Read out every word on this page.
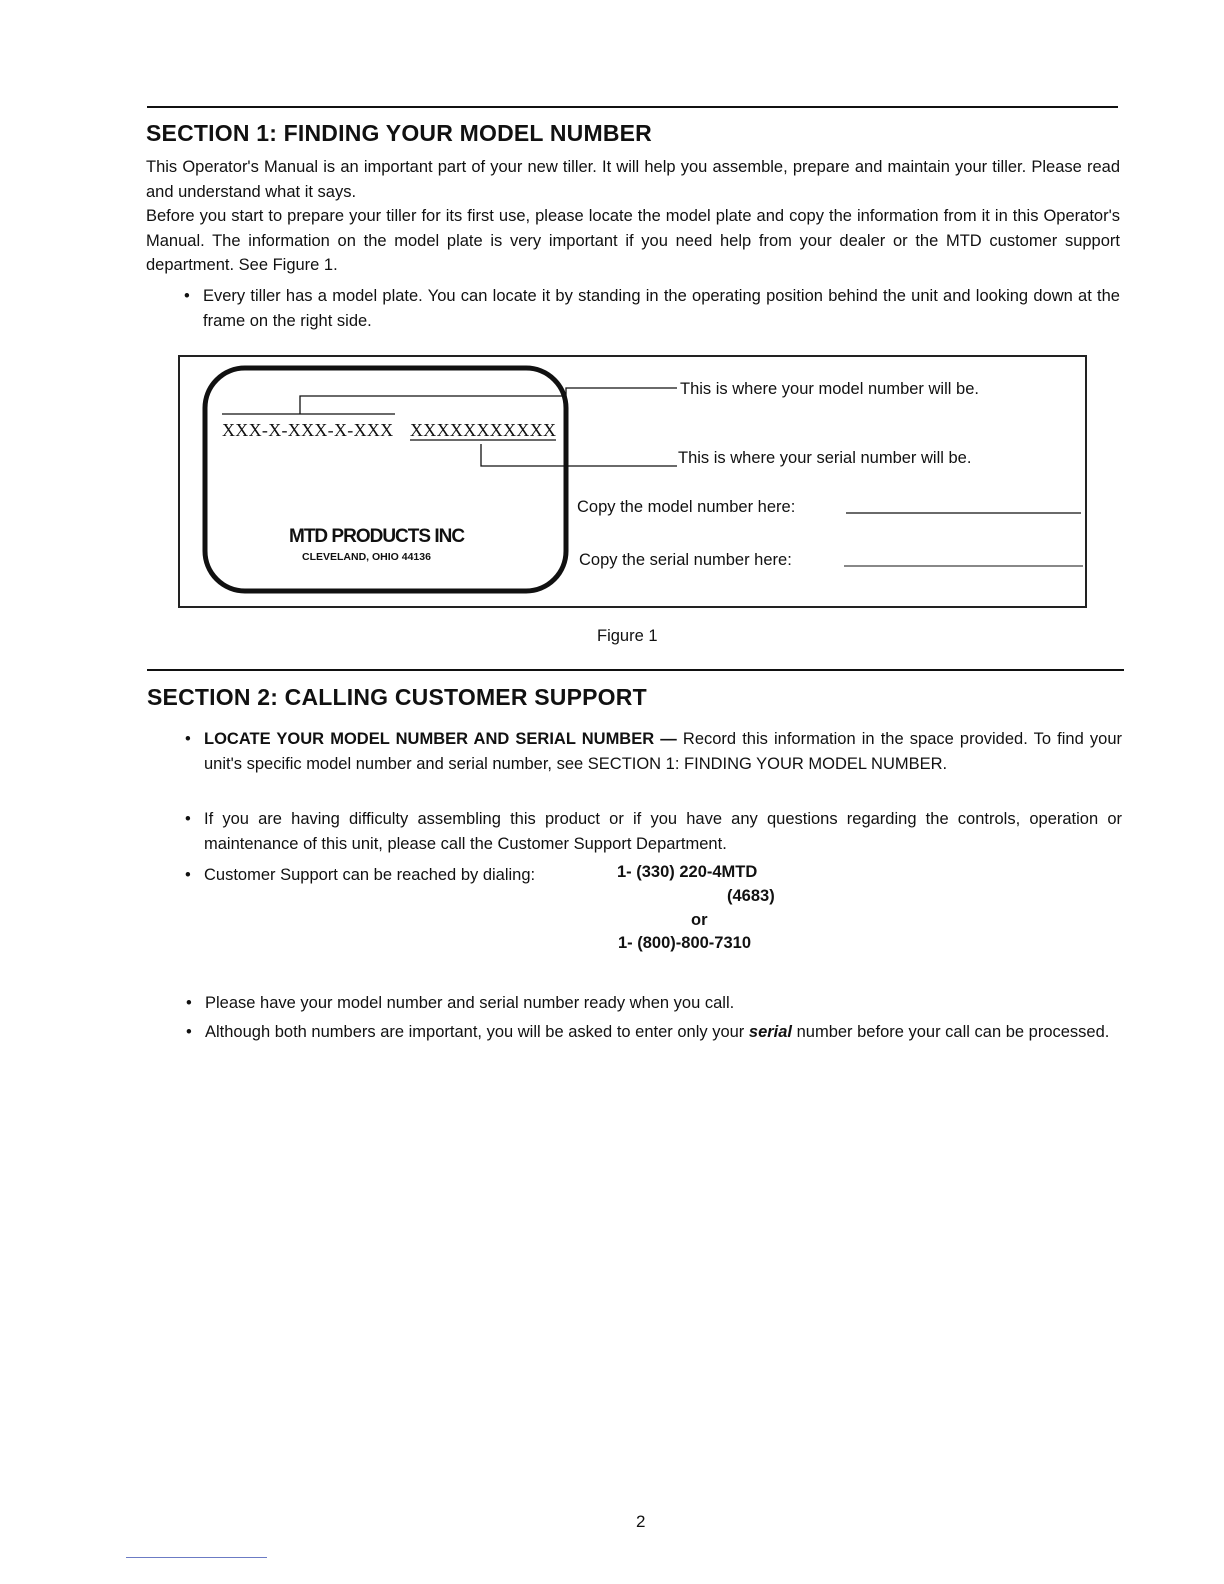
SECTION 1: FINDING YOUR MODEL NUMBER

This Operator's Manual is an important part of your new tiller. It will help you assemble, prepare and maintain your tiller. Please read and understand what it says.

Before you start to prepare your tiller for its first use, please locate the model plate and copy the information from it in this Operator's Manual. The information on the model plate is very important if you need help from your dealer or the MTD customer support department. See Figure 1.

• Every tiller has a model plate. You can locate it by standing in the operating position behind the unit and looking down at the frame on the right side.

XXX-X-XXX-X-XXX XXXXXXXXXXX
MTD PRODUCTS INC
CLEVELAND, OHIO 44136
This is where your model number will be.
This is where your serial number will be.
Copy the model number here:
Copy the serial number here:
Figure 1
SECTION 2: CALLING CUSTOMER SUPPORT

• LOCATE YOUR MODEL NUMBER AND SERIAL NUMBER — Record this information in the space provided. To find your unit's specific model number and serial number, see SECTION 1: FINDING YOUR MODEL NUMBER.

• If you are having difficulty assembling this product or if you have any questions regarding the controls, operation or maintenance of this unit, please call the Customer Support Department.

• Customer Support can be reached by dialing:	1- (330) 220-4MTD
(4683)
or
1- (800)-800-7310

• Please have your model number and serial number ready when you call.

• Although both numbers are important, you will be asked to enter only your serial number before your call can be processed.

2
